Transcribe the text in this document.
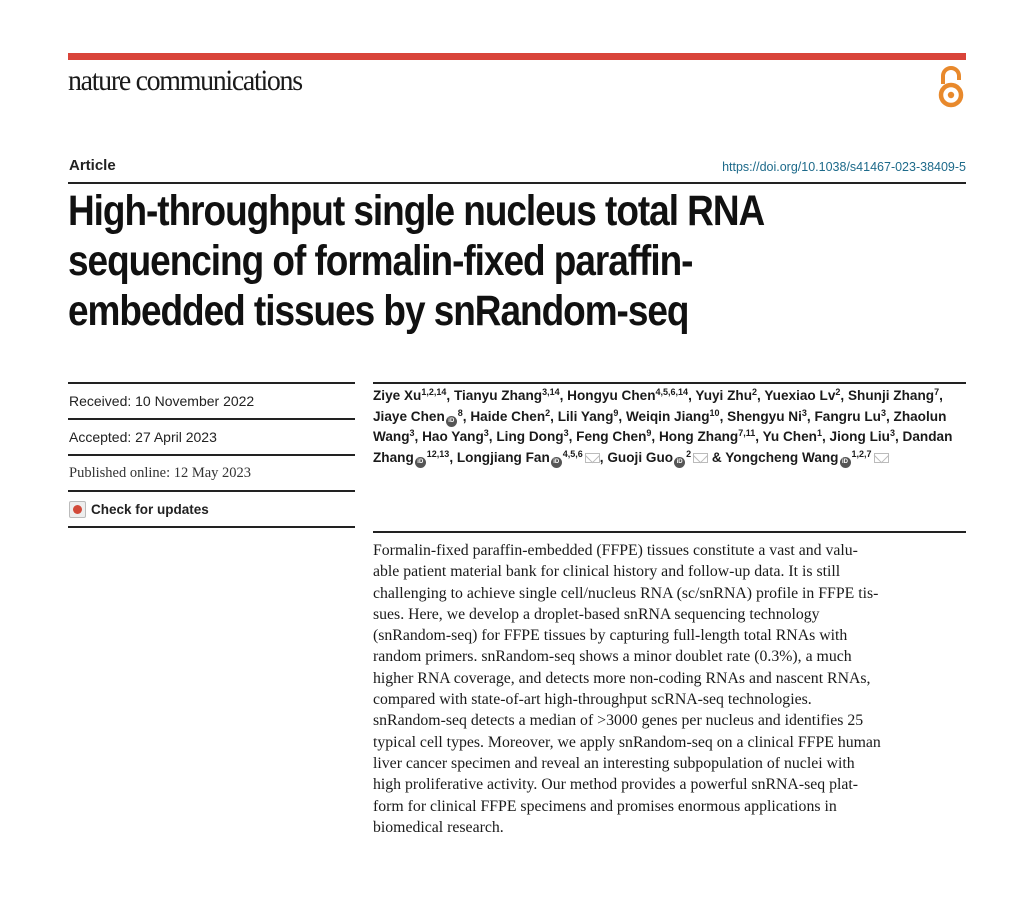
nature communications
Article	https://doi.org/10.1038/s41467-023-38409-5
High-throughput single nucleus total RNA
sequencing of formalin-fixed paraffin-
embedded tissues by snRandom-seq
Received: 10 November 2022
Accepted: 27 April 2023
Published online: 12 May 2023
Check for updates
Ziye Xu$^{1,2,14}$, Tianyu Zhang$^{3,14}$, Hongyu Chen$^{4,5,6,14}$, Yuyi Zhu$^2$, Yuexiao Lv$^2$, Shunji Zhang$^7$, Jiaye Chen $iD^8$, Haide Chen$^2$, Lili Yang$^9$, Weiqin Jiang$^{10}$, Shengyu Ni$^3$, Fangru Lu$^3$, Zhaolun Wang$^3$, Hao Yang$^3$, Ling Dong$^3$, Feng Chen$^9$, Hong Zhang$^{7,11}$, Yu Chen$^1$, Jiong Liu$^3$, Dandan Zhang iD$^{12,13}$, Longjiang Fan iD$^{4,5,6}$ , Guoji Guo $iD^2$ & Yongcheng Wang iD$^{1,2,7}$
Formalin-fixed paraffin-embedded (FFPE) tissues constitute a vast and valu-
able patient material bank for clinical history and follow-up data. It is still
challenging to achieve single cell/nucleus RNA (sc/snRNA) profile in FFPE tis-
sues. Here, we develop a droplet-based snRNA sequencing technology
(snRandom-seq) for FFPE tissues by capturing full-length total RNAs with
random primers. snRandom-seq shows a minor doublet rate (0.3%), a much
higher RNA coverage, and detects more non-coding RNAs and nascent RNAs,
compared with state-of-art high-throughput scRNA-seq technologies.
snRandom-seq detects a median of >3000 genes per nucleus and identifies 25
typical cell types. Moreover, we apply snRandom-seq on a clinical FFPE human
liver cancer specimen and reveal an interesting subpopulation of nuclei with
high proliferative activity. Our method provides a powerful snRNA-seq plat-
form for clinical FFPE specimens and promises enormous applications in
biomedical research.
